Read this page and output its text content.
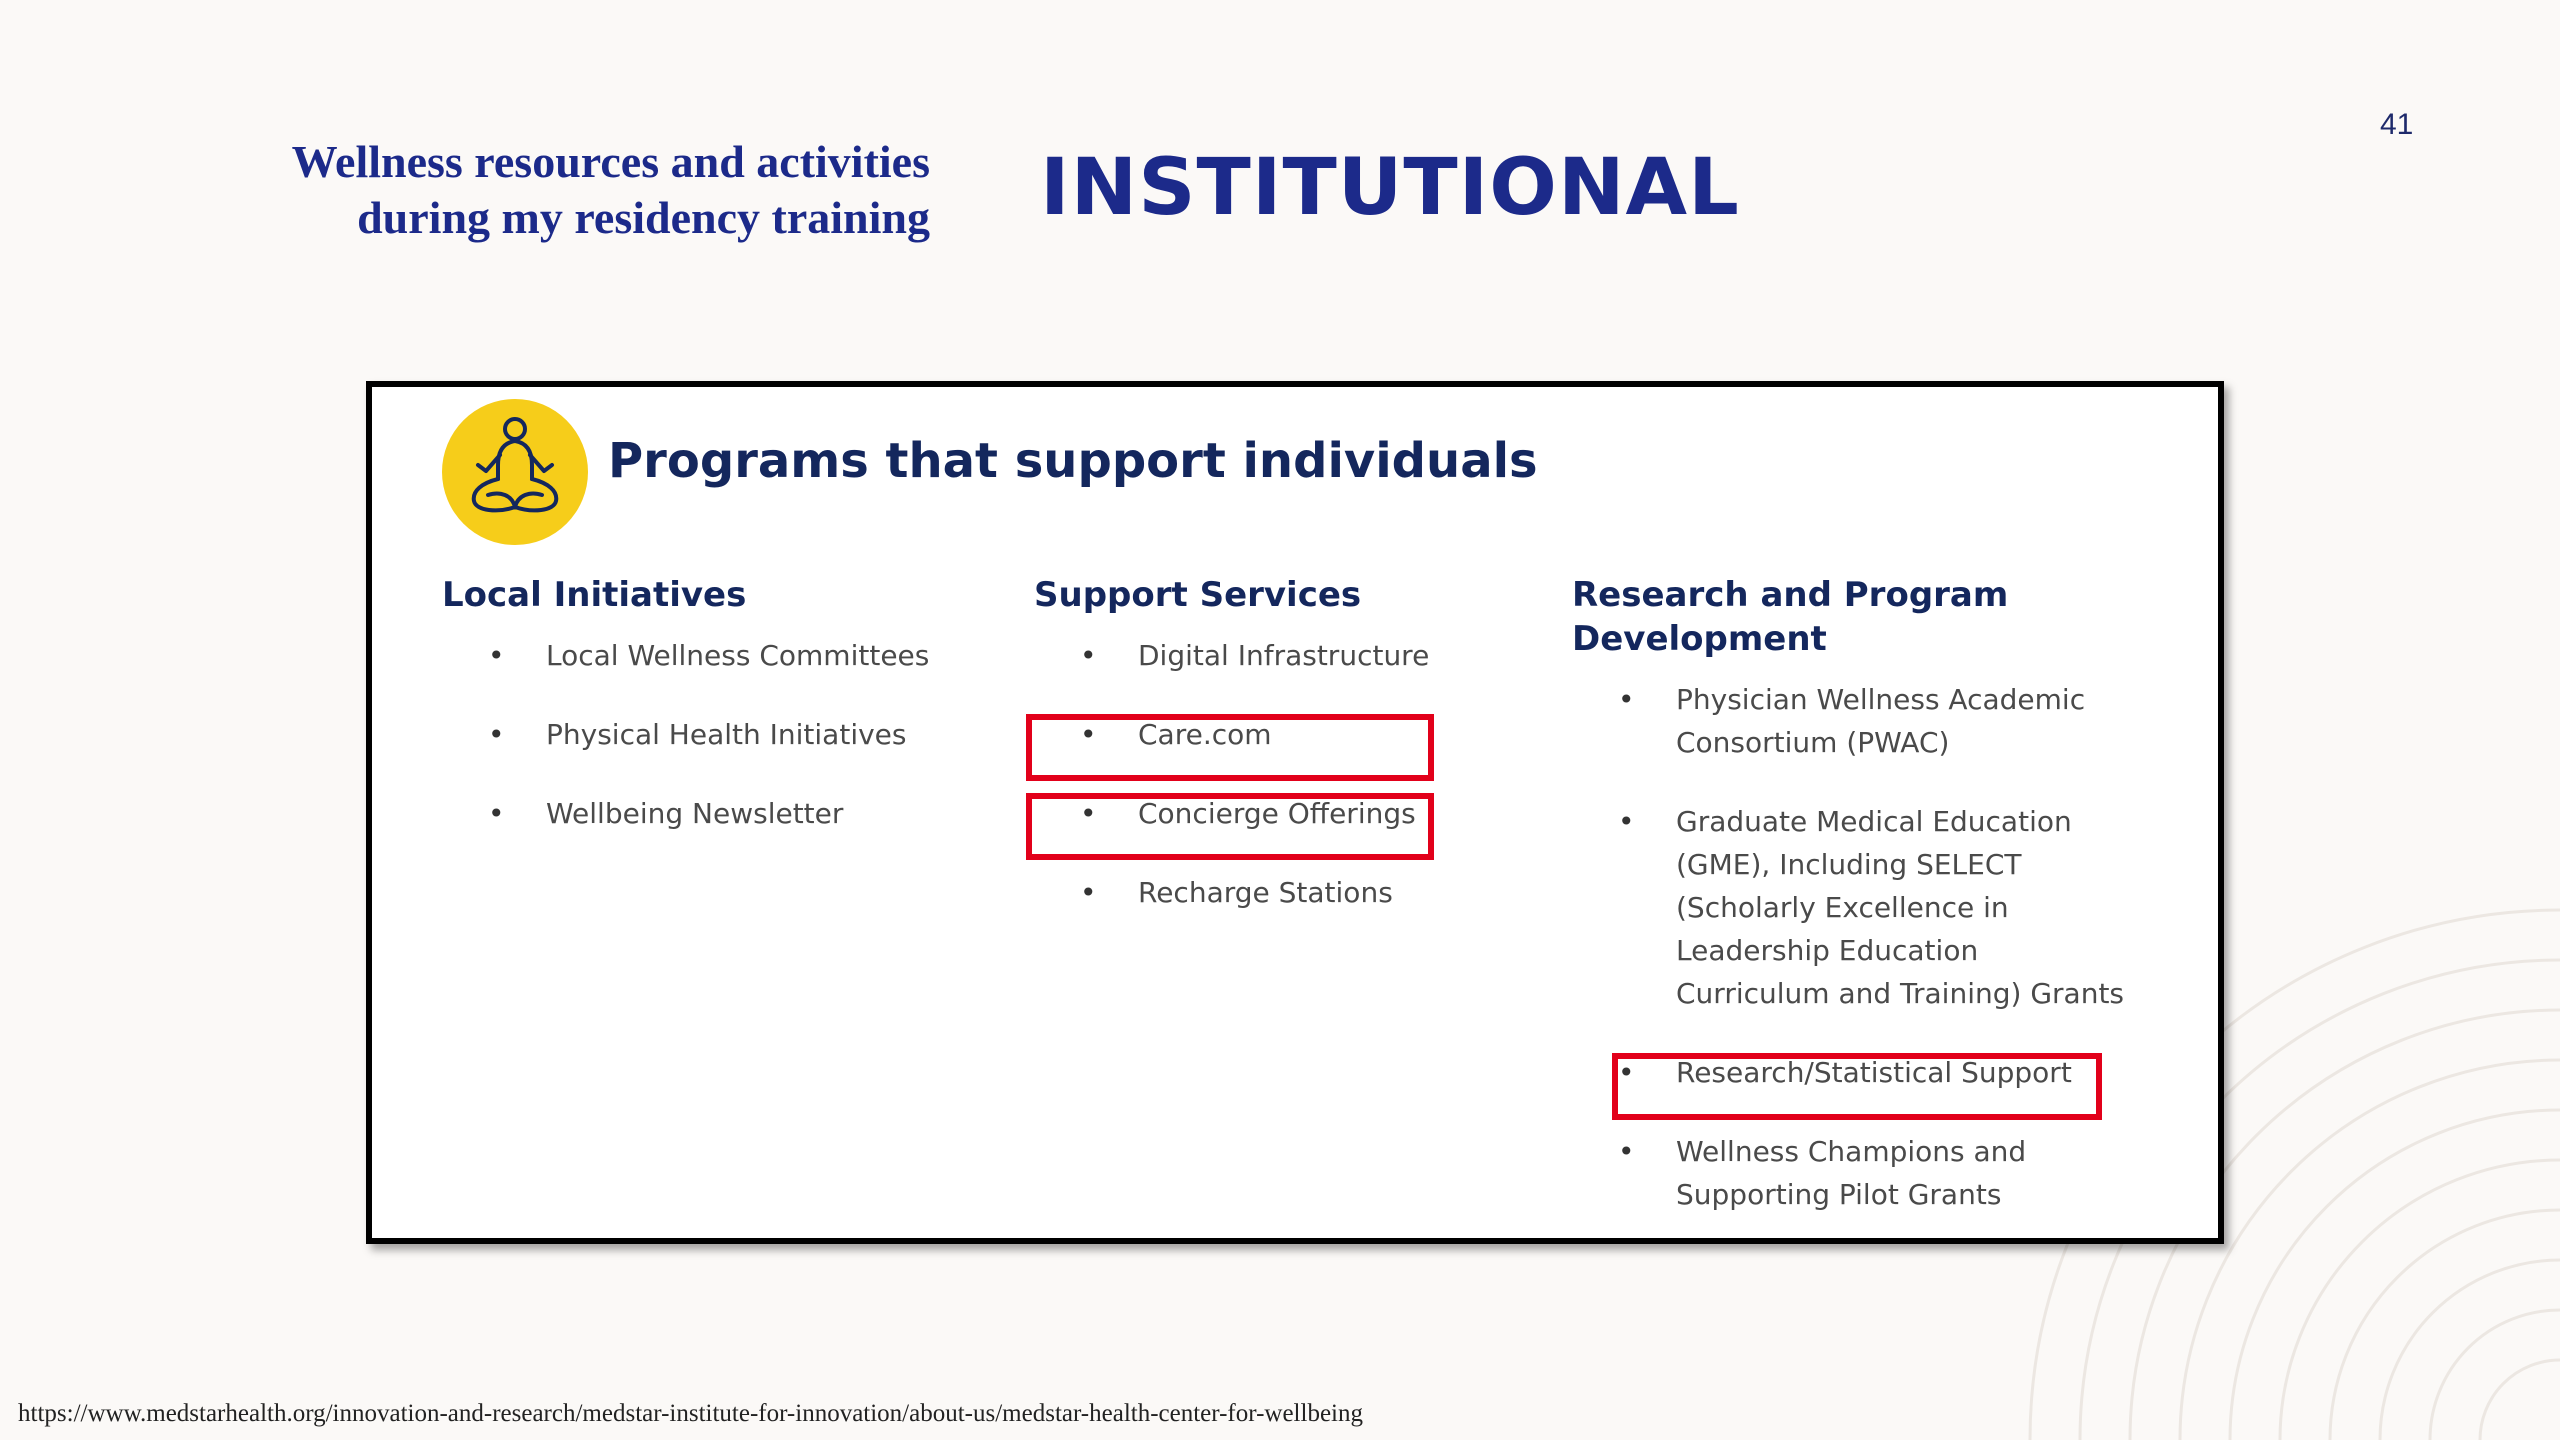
41
Wellness resources and activities
during my residency training INSTITUTIONAL
Programs that support individuals
Local Initiatives
• Local Wellness Committees
• Physical Health Initiatives
• Wellbeing Newsletter
Support Services
• Digital Infrastructure
• Care.com
• Concierge Offerings
• Recharge Stations
Research and Program
Development
• Physician Wellness Academic
Consortium (PWAC)
• Graduate Medical Education
(GME), Including SELECT
(Scholarly Excellence in
Leadership Education
Curriculum and Training) Grants
• Research/Statistical Support
• Wellness Champions and
Supporting Pilot Grants
https://www.medstarhealth.org/innovation-and-research/medstar-institute-for-innovation/about-us/medstar-health-center-for-wellbeing
